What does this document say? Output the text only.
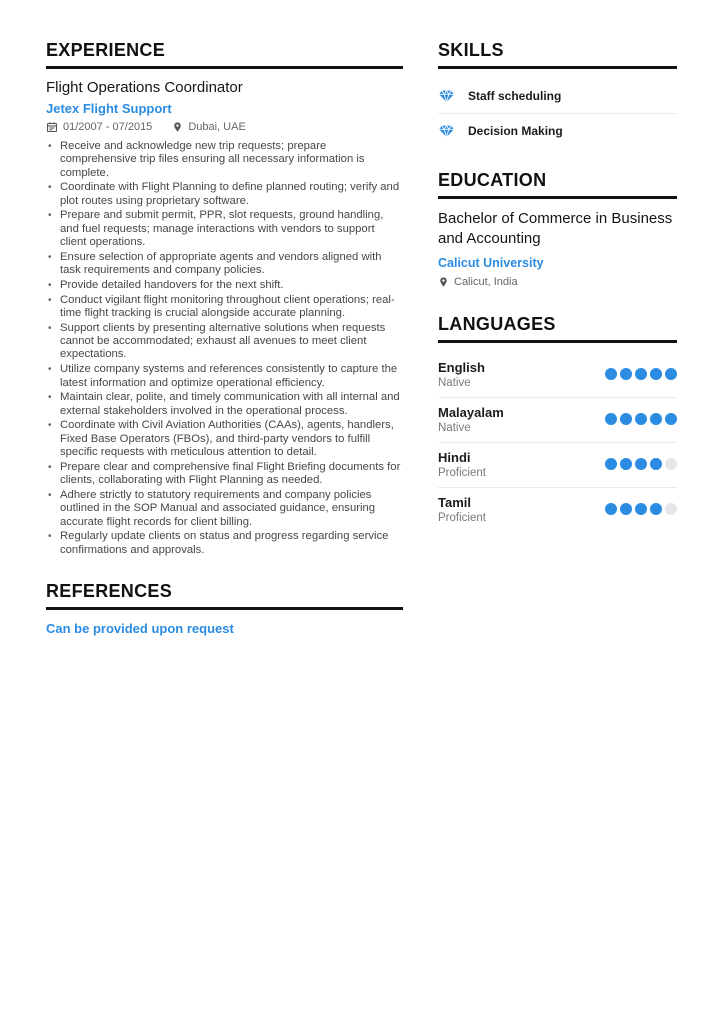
EXPERIENCE
Flight Operations Coordinator
Jetex Flight Support
01/2007 - 07/2015	Dubai, UAE
• Receive and acknowledge new trip requests; prepare comprehensive trip files ensuring all necessary information is complete.
• Coordinate with Flight Planning to define planned routing; verify and plot routes using proprietary software.
• Prepare and submit permit, PPR, slot requests, ground handling, and fuel requests; manage interactions with vendors to support client operations.
• Ensure selection of appropriate agents and vendors aligned with task requirements and company policies.
• Provide detailed handovers for the next shift.
• Conduct vigilant flight monitoring throughout client operations; real-time flight tracking is crucial alongside accurate planning.
• Support clients by presenting alternative solutions when requests cannot be accommodated; exhaust all avenues to meet client expectations.
• Utilize company systems and references consistently to capture the latest information and optimize operational efficiency.
• Maintain clear, polite, and timely communication with all internal and external stakeholders involved in the operational process.
• Coordinate with Civil Aviation Authorities (CAAs), agents, handlers, Fixed Base Operators (FBOs), and third-party vendors to fulfill specific requests with meticulous attention to detail.
• Prepare clear and comprehensive final Flight Briefing documents for clients, collaborating with Flight Planning as needed.
• Adhere strictly to statutory requirements and company policies outlined in the SOP Manual and associated guidance, ensuring accurate flight records for client billing.
• Regularly update clients on status and progress regarding service confirmations and approvals.
REFERENCES
Can be provided upon request
SKILLS
Staff scheduling
Decision Making
EDUCATION
Bachelor of Commerce in Business and Accounting
Calicut University
Calicut, India
LANGUAGES
English
Native
Malayalam
Native
Hindi
Proficient
Tamil
Proficient
